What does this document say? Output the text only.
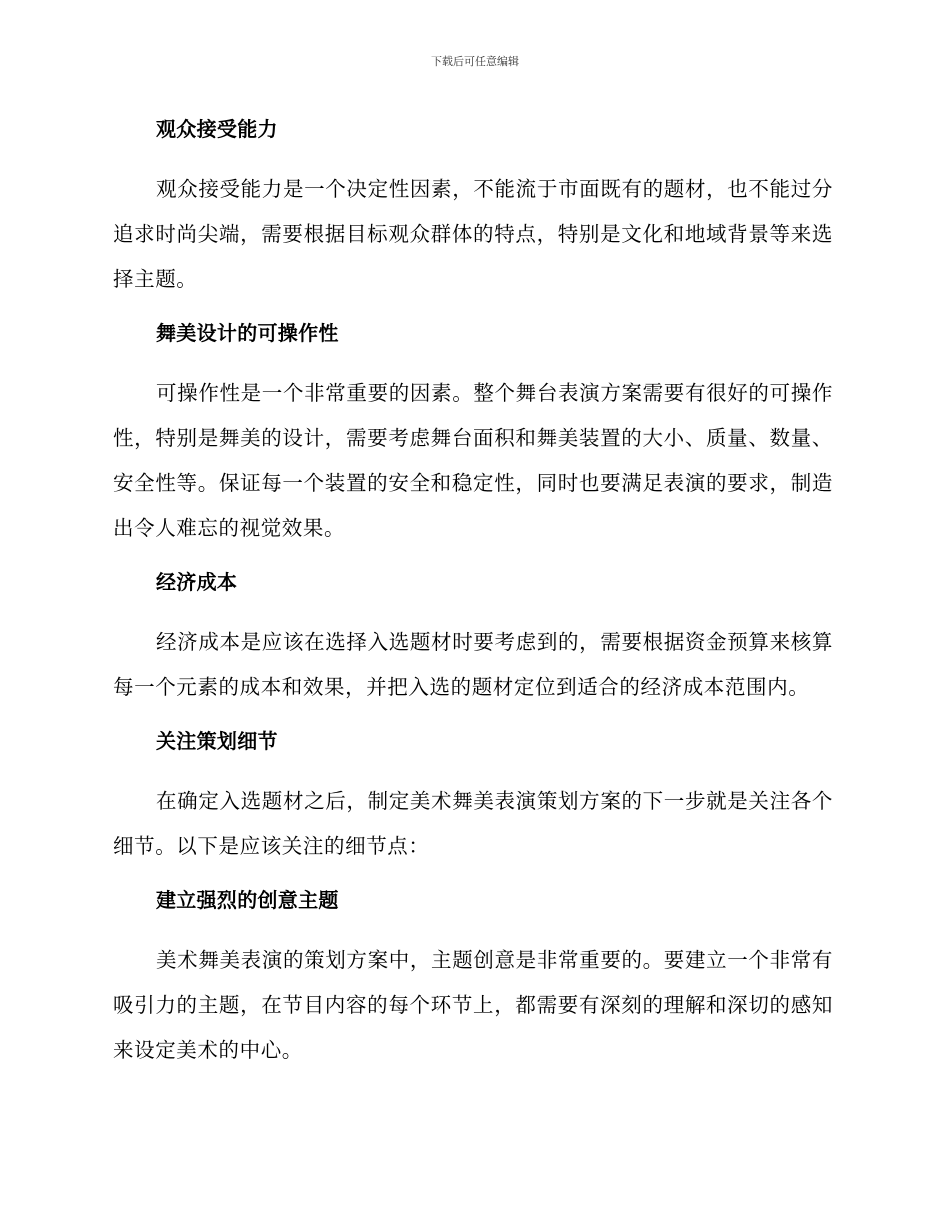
下载后可任意编辑
观众接受能力

观众接受能力是一个决定性因素，不能流于市面既有的题材，也不能过分追求时尚尖端，需要根据目标观众群体的特点，特别是文化和地域背景等来选择主题。

舞美设计的可操作性

可操作性是一个非常重要的因素。整个舞台表演方案需要有很好的可操作性，特别是舞美的设计，需要考虑舞台面积和舞美装置的大小、质量、数量、安全性等。保证每一个装置的安全和稳定性，同时也要满足表演的要求，制造出令人难忘的视觉效果。

经济成本

经济成本是应该在选择入选题材时要考虑到的，需要根据资金预算来核算每一个元素的成本和效果，并把入选的题材定位到适合的经济成本范围内。

关注策划细节

在确定入选题材之后，制定美术舞美表演策划方案的下一步就是关注各个细节。以下是应该关注的细节点：

建立强烈的创意主题

美术舞美表演的策划方案中，主题创意是非常重要的。要建立一个非常有吸引力的主题，在节目内容的每个环节上，都需要有深刻的理解和深切的感知来设定美术的中心。
